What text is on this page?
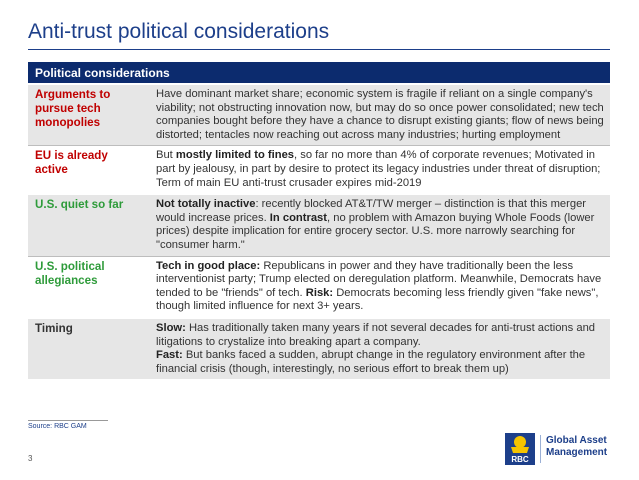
Anti-trust political considerations
Political considerations	
Arguments to pursue tech monopolies	Have dominant market share; economic system is fragile if reliant on a single company's viability; not obstructing innovation now, but may do so once power consolidated; new tech companies bought before they have a chance to disrupt existing giants; flow of news being distorted; tentacles now reaching out across many industries; hurting employment
EU is already active	But mostly limited to fines, so far no more than 4% of corporate revenues; Motivated in part by jealousy, in part by desire to protect its legacy industries under threat of disruption; Term of main EU anti-trust crusader expires mid-2019
U.S. quiet so far	Not totally inactive: recently blocked AT&T/TW merger – distinction is that this merger would increase prices. In contrast, no problem with Amazon buying Whole Foods (lower prices) despite implication for entire grocery sector. U.S. more narrowly searching for "consumer harm."
U.S. political allegiances	Tech in good place: Republicans in power and they have traditionally been the less interventionist party; Trump elected on deregulation platform. Meanwhile, Democrats have tended to be "friends" of tech. Risk: Democrats becoming less friendly given "fake news", though limited influence for next 3+ years.
Timing	Slow: Has traditionally taken many years if not several decades for anti-trust actions and litigations to crystalize into breaking apart a company.
Fast: But banks faced a sudden, abrupt change in the regulatory environment after the financial crisis (though, interestingly, no serious effort to break them up)
Source: RBC GAM
3	RBC
Global Asset
Management
